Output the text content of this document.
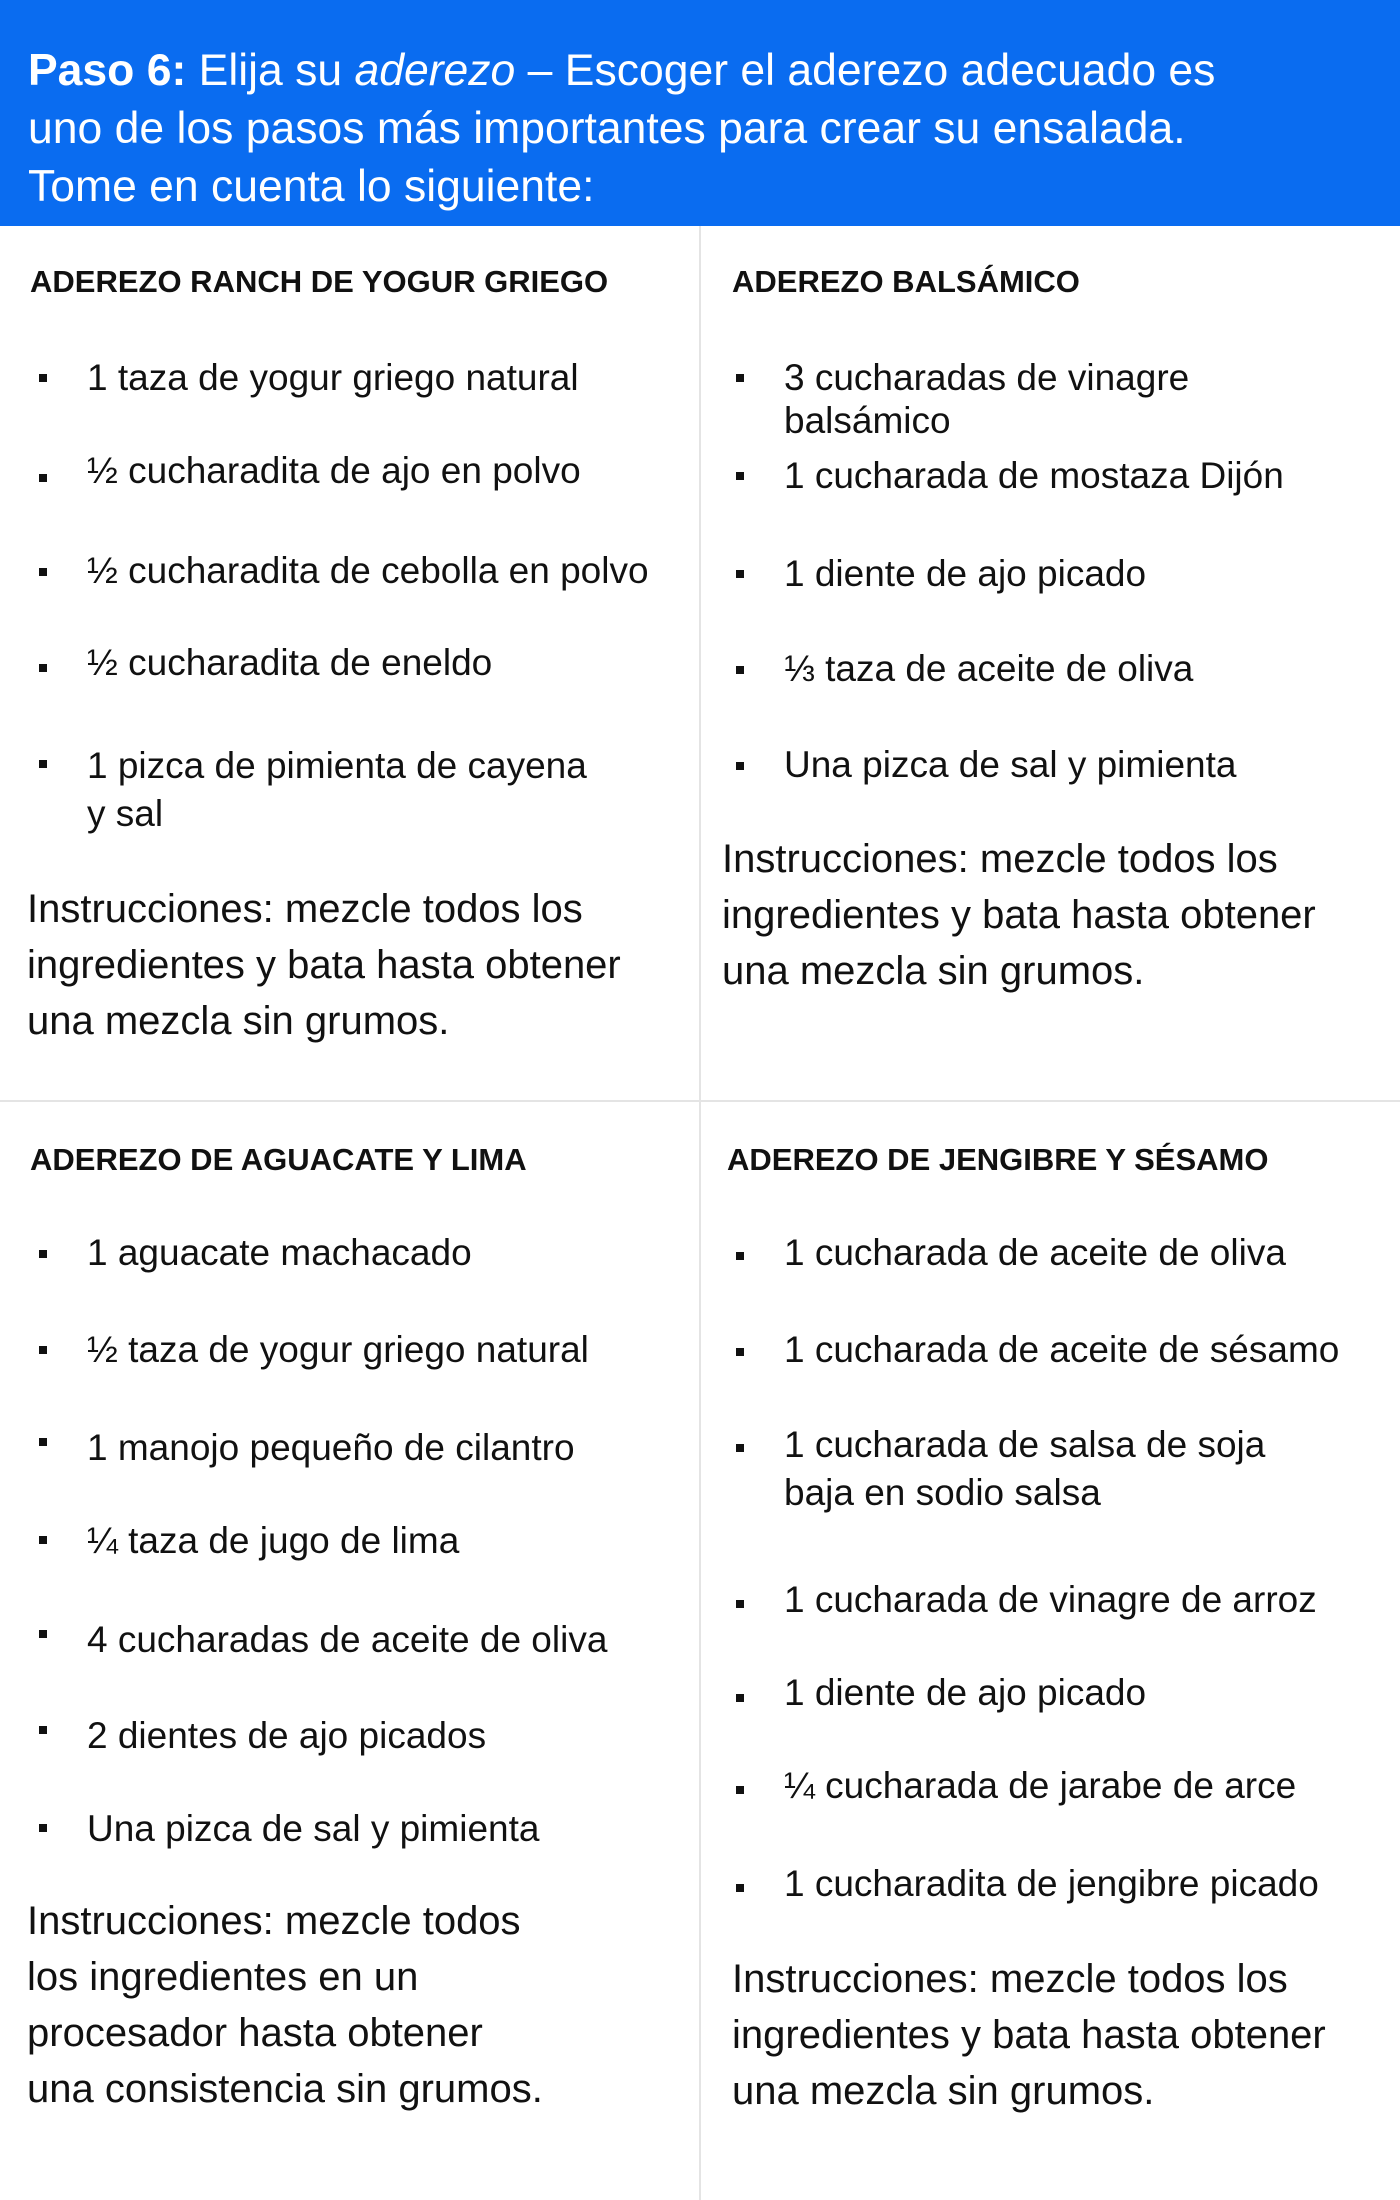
Paso 6: Elija su aderezo – Escoger el aderezo adecuado es
uno de los pasos más importantes para crear su ensalada.
Tome en cuenta lo siguiente:
ADEREZO RANCH DE YOGUR GRIEGO
1 taza de yogur griego natural
½ cucharadita de ajo en polvo
½ cucharadita de cebolla en polvo
½ cucharadita de eneldo
1 pizca de pimienta de cayena
y sal
Instrucciones: mezcle todos los
ingredientes y bata hasta obtener
una mezcla sin grumos.
ADEREZO BALSÁMICO
3 cucharadas de vinagre
balsámico
1 cucharada de mostaza Dijón
1 diente de ajo picado
⅓ taza de aceite de oliva
Una pizca de sal y pimienta
Instrucciones: mezcle todos los
ingredientes y bata hasta obtener
una mezcla sin grumos.
ADEREZO DE AGUACATE Y LIMA
1 aguacate machacado
½ taza de yogur griego natural
1 manojo pequeño de cilantro
¼ taza de jugo de lima
4 cucharadas de aceite de oliva
2 dientes de ajo picados
Una pizca de sal y pimienta
Instrucciones: mezcle todos
los ingredientes en un
procesador hasta obtener
una consistencia sin grumos.
ADEREZO DE JENGIBRE Y SÉSAMO
1 cucharada de aceite de oliva
1 cucharada de aceite de sésamo
1 cucharada de salsa de soja
baja en sodio salsa
1 cucharada de vinagre de arroz
1 diente de ajo picado
¼ cucharada de jarabe de arce
1 cucharadita de jengibre picado
Instrucciones: mezcle todos los
ingredientes y bata hasta obtener
una mezcla sin grumos.
